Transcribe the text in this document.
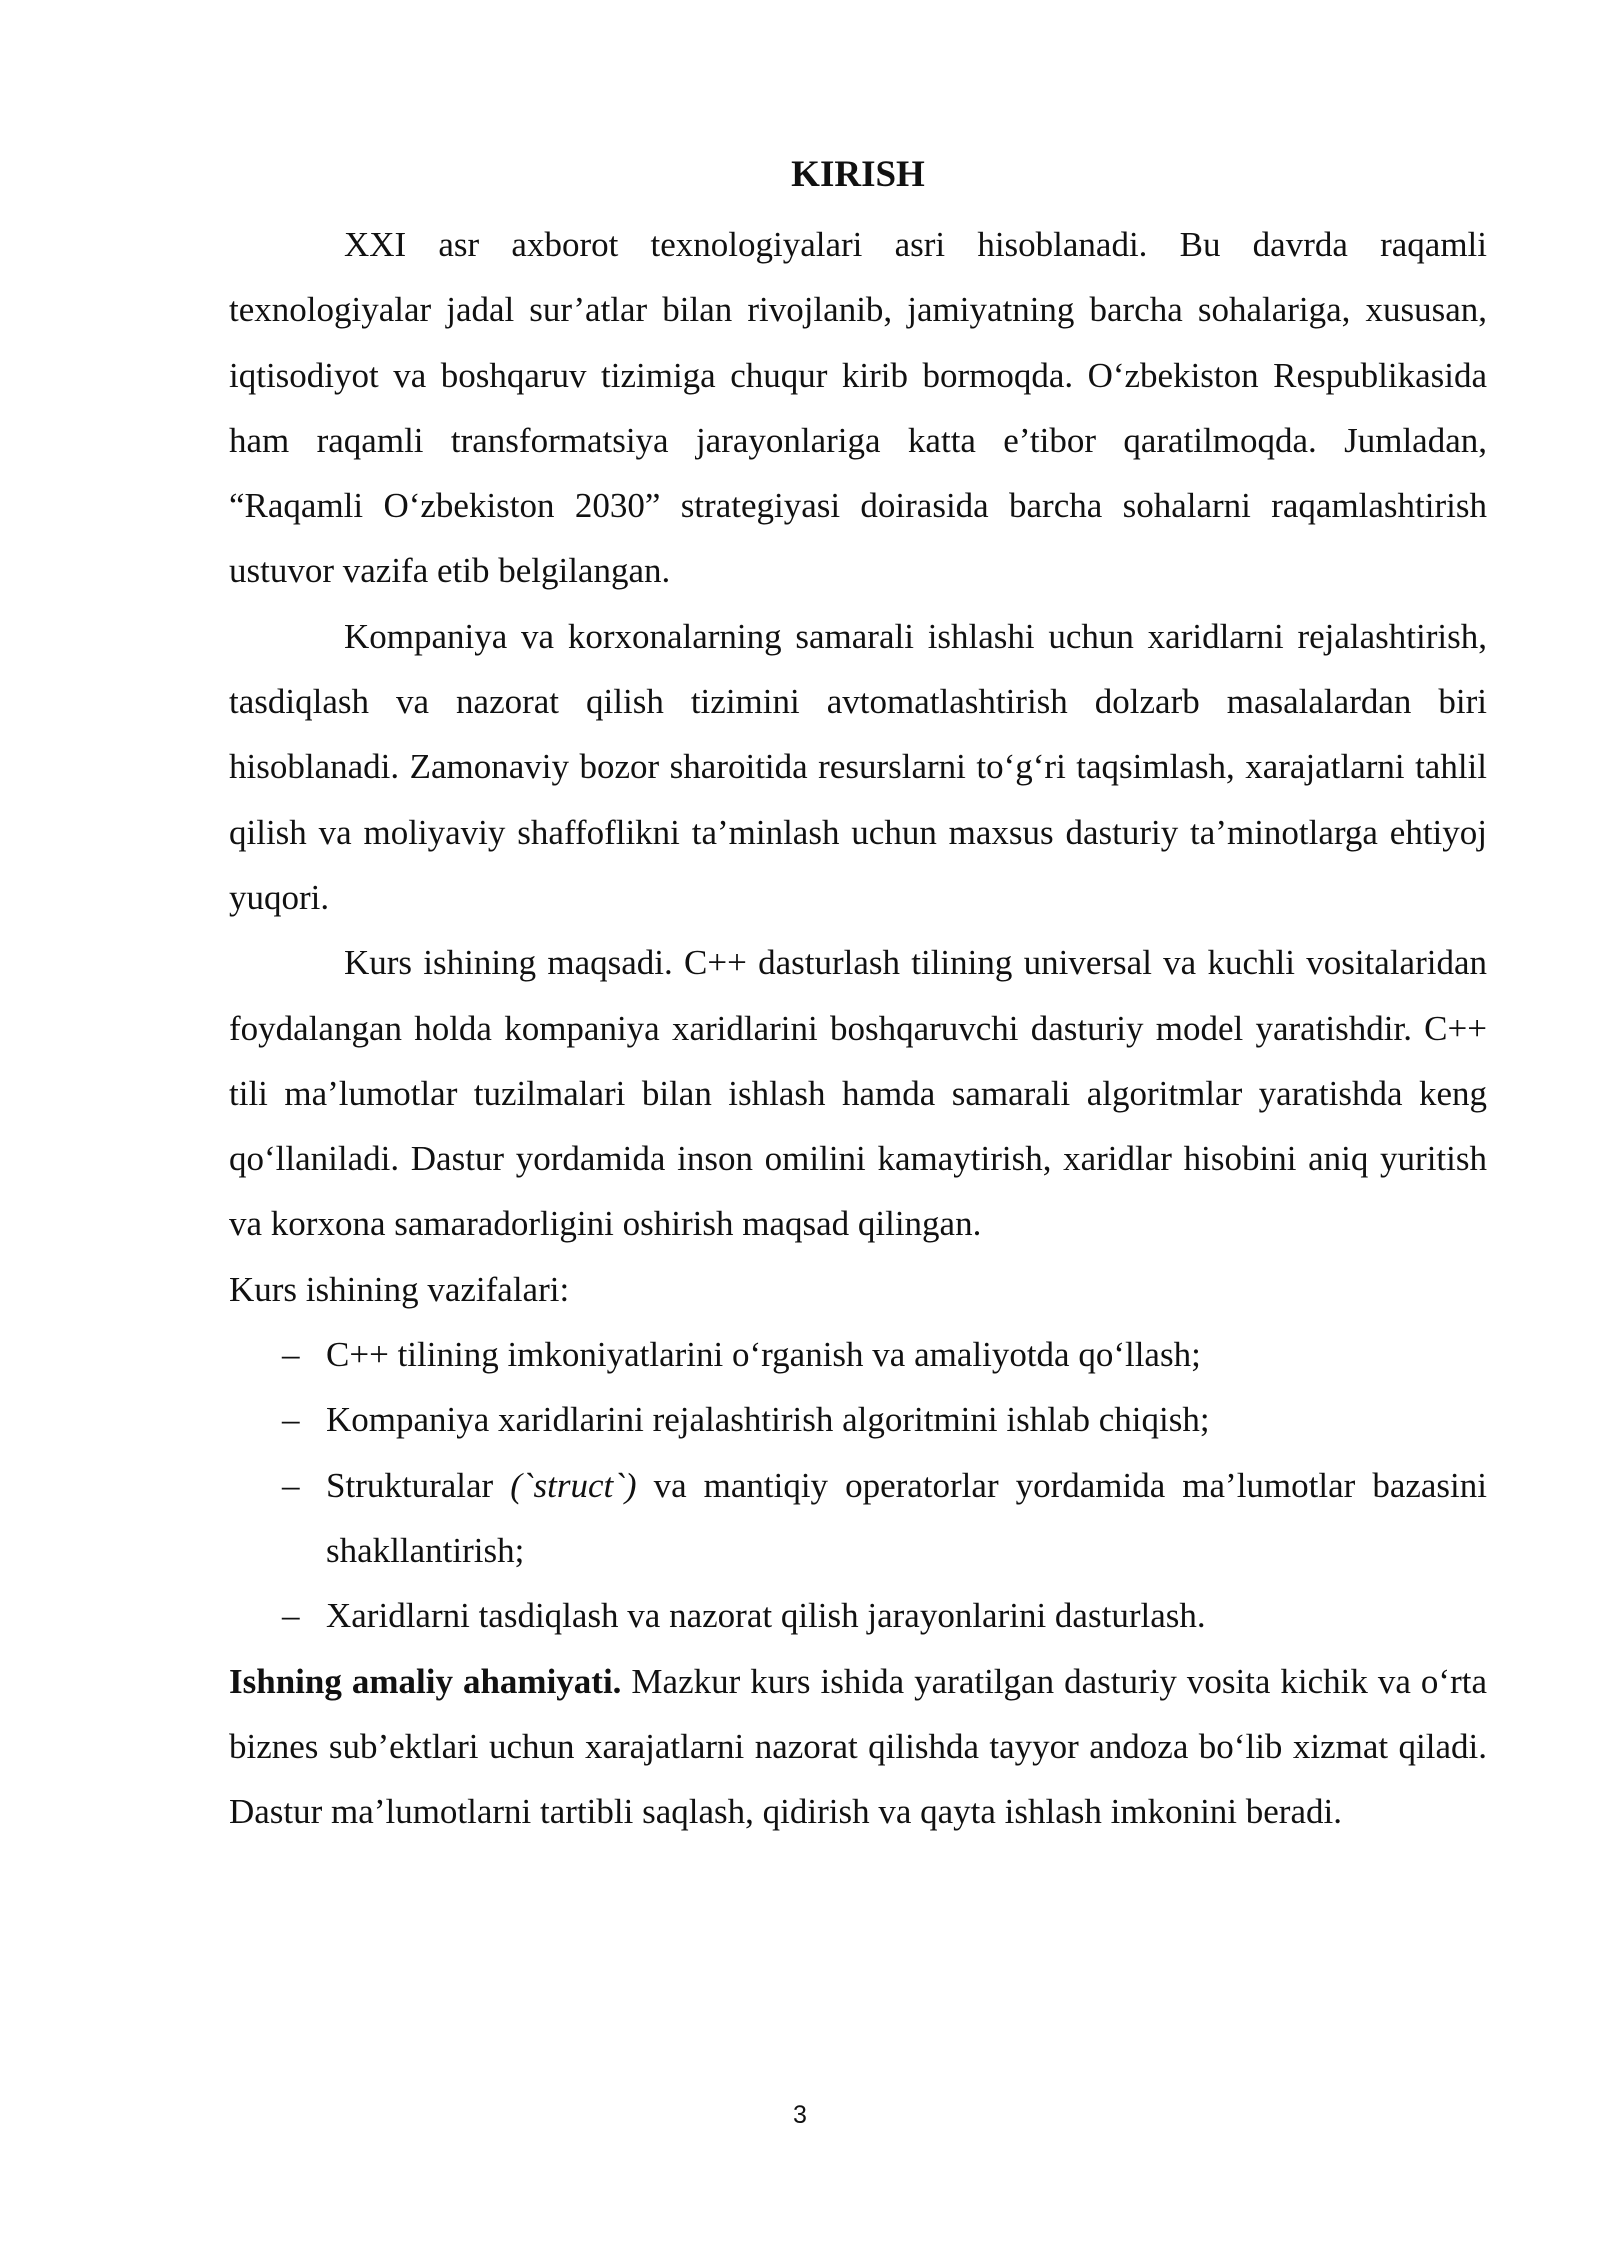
KIRISH

XXI asr axborot texnologiyalari asri hisoblanadi. Bu davrda raqamli texnologiyalar jadal sur’atlar bilan rivojlanib, jamiyatning barcha sohalariga, xususan, iqtisodiyot va boshqaruv tizimiga chuqur kirib bormoqda. O‘zbekiston Respublikasida ham raqamli transformatsiya jarayonlariga katta e’tibor qaratilmoqda. Jumladan, “Raqamli O‘zbekiston 2030” strategiyasi doirasida barcha sohalarni raqamlashtirish ustuvor vazifa etib belgilangan.

Kompaniya va korxonalarning samarali ishlashi uchun xaridlarni rejalashtirish, tasdiqlash va nazorat qilish tizimini avtomatlashtirish dolzarb masalalardan biri hisoblanadi. Zamonaviy bozor sharoitida resurslarni to‘g‘ri taqsimlash, xarajatlarni tahlil qilish va moliyaviy shaffoflikni ta’minlash uchun maxsus dasturiy ta’minotlarga ehtiyoj yuqori.

Kurs ishining maqsadi. C++ dasturlash tilining universal va kuchli vositalaridan foydalangan holda kompaniya xaridlarini boshqaruvchi dasturiy model yaratishdir. C++ tili ma’lumotlar tuzilmalari bilan ishlash hamda samarali algoritmlar yaratishda keng qo‘llaniladi. Dastur yordamida inson omilini kamaytirish, xaridlar hisobini aniq yuritish va korxona samaradorligini oshirish maqsad qilingan.

Kurs ishining vazifalari:

– C++ tilining imkoniyatlarini o‘rganish va amaliyotda qo‘llash;
– Kompaniya xaridlarini rejalashtirish algoritmini ishlab chiqish;
– Strukturalar (`struct`) va mantiqiy operatorlar yordamida ma’lumotlar bazasini shakllantirish;
– Xaridlarni tasdiqlash va nazorat qilish jarayonlarini dasturlash.

Ishning amaliy ahamiyati. Mazkur kurs ishida yaratilgan dasturiy vosita kichik va o‘rta biznes sub’ektlari uchun xarajatlarni nazorat qilishda tayyor andoza bo‘lib xizmat qiladi. Dastur ma’lumotlarni tartibli saqlash, qidirish va qayta ishlash imkonini beradi.

3
